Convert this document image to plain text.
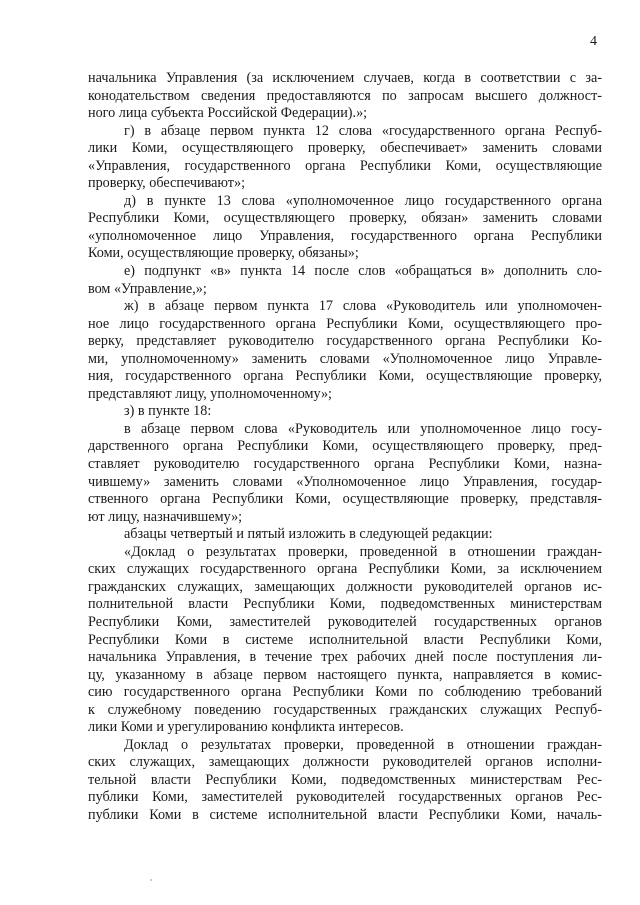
4
начальника Управления (за исключением случаев, когда в соответствии с за-
конодательством сведения предоставляются по запросам высшего должност-
ного лица субъекта Российской Федерации).»;
г) в абзаце первом пункта 12 слова «государственного органа Респуб-
лики Коми, осуществляющего проверку, обеспечивает» заменить словами
«Управления, государственного органа Республики Коми, осуществляющие
проверку, обеспечивают»;
д) в пункте 13 слова «уполномоченное лицо государственного органа
Республики Коми, осуществляющего проверку, обязан» заменить словами
«уполномоченное лицо Управления, государственного органа Республики
Коми, осуществляющие проверку, обязаны»;
е) подпункт «в» пункта 14 после слов «обращаться в» дополнить сло-
вом «Управление,»;
ж) в абзаце первом пункта 17 слова «Руководитель или уполномочен-
ное лицо государственного органа Республики Коми, осуществляющего про-
верку, представляет руководителю государственного органа Республики Ко-
ми, уполномоченному» заменить словами «Уполномоченное лицо Управле-
ния, государственного органа Республики Коми, осуществляющие проверку,
представляют лицу, уполномоченному»;
з) в пункте 18:
в абзаце первом слова «Руководитель или уполномоченное лицо госу-
дарственного органа Республики Коми, осуществляющего проверку, пред-
ставляет руководителю государственного органа Республики Коми, назна-
чившему» заменить словами «Уполномоченное лицо Управления, государ-
ственного органа Республики Коми, осуществляющие проверку, представля-
ют лицу, назначившему»;
абзацы четвертый и пятый изложить в следующей редакции:
«Доклад о результатах проверки, проведенной в отношении граждан-
ских служащих государственного органа Республики Коми, за исключением
гражданских служащих, замещающих должности руководителей органов ис-
полнительной власти Республики Коми, подведомственных министерствам
Республики Коми, заместителей руководителей государственных органов
Республики Коми в системе исполнительной власти Республики Коми,
начальника Управления, в течение трех рабочих дней после поступления ли-
цу, указанному в абзаце первом настоящего пункта, направляется в комис-
сию государственного органа Республики Коми по соблюдению требований
к служебному поведению государственных гражданских служащих Респуб-
лики Коми и урегулированию конфликта интересов.
Доклад о результатах проверки, проведенной в отношении граждан-
ских служащих, замещающих должности руководителей органов исполни-
тельной власти Республики Коми, подведомственных министерствам Рес-
публики Коми, заместителей руководителей государственных органов Рес-
публики Коми в системе исполнительной власти Республики Коми, началь-
